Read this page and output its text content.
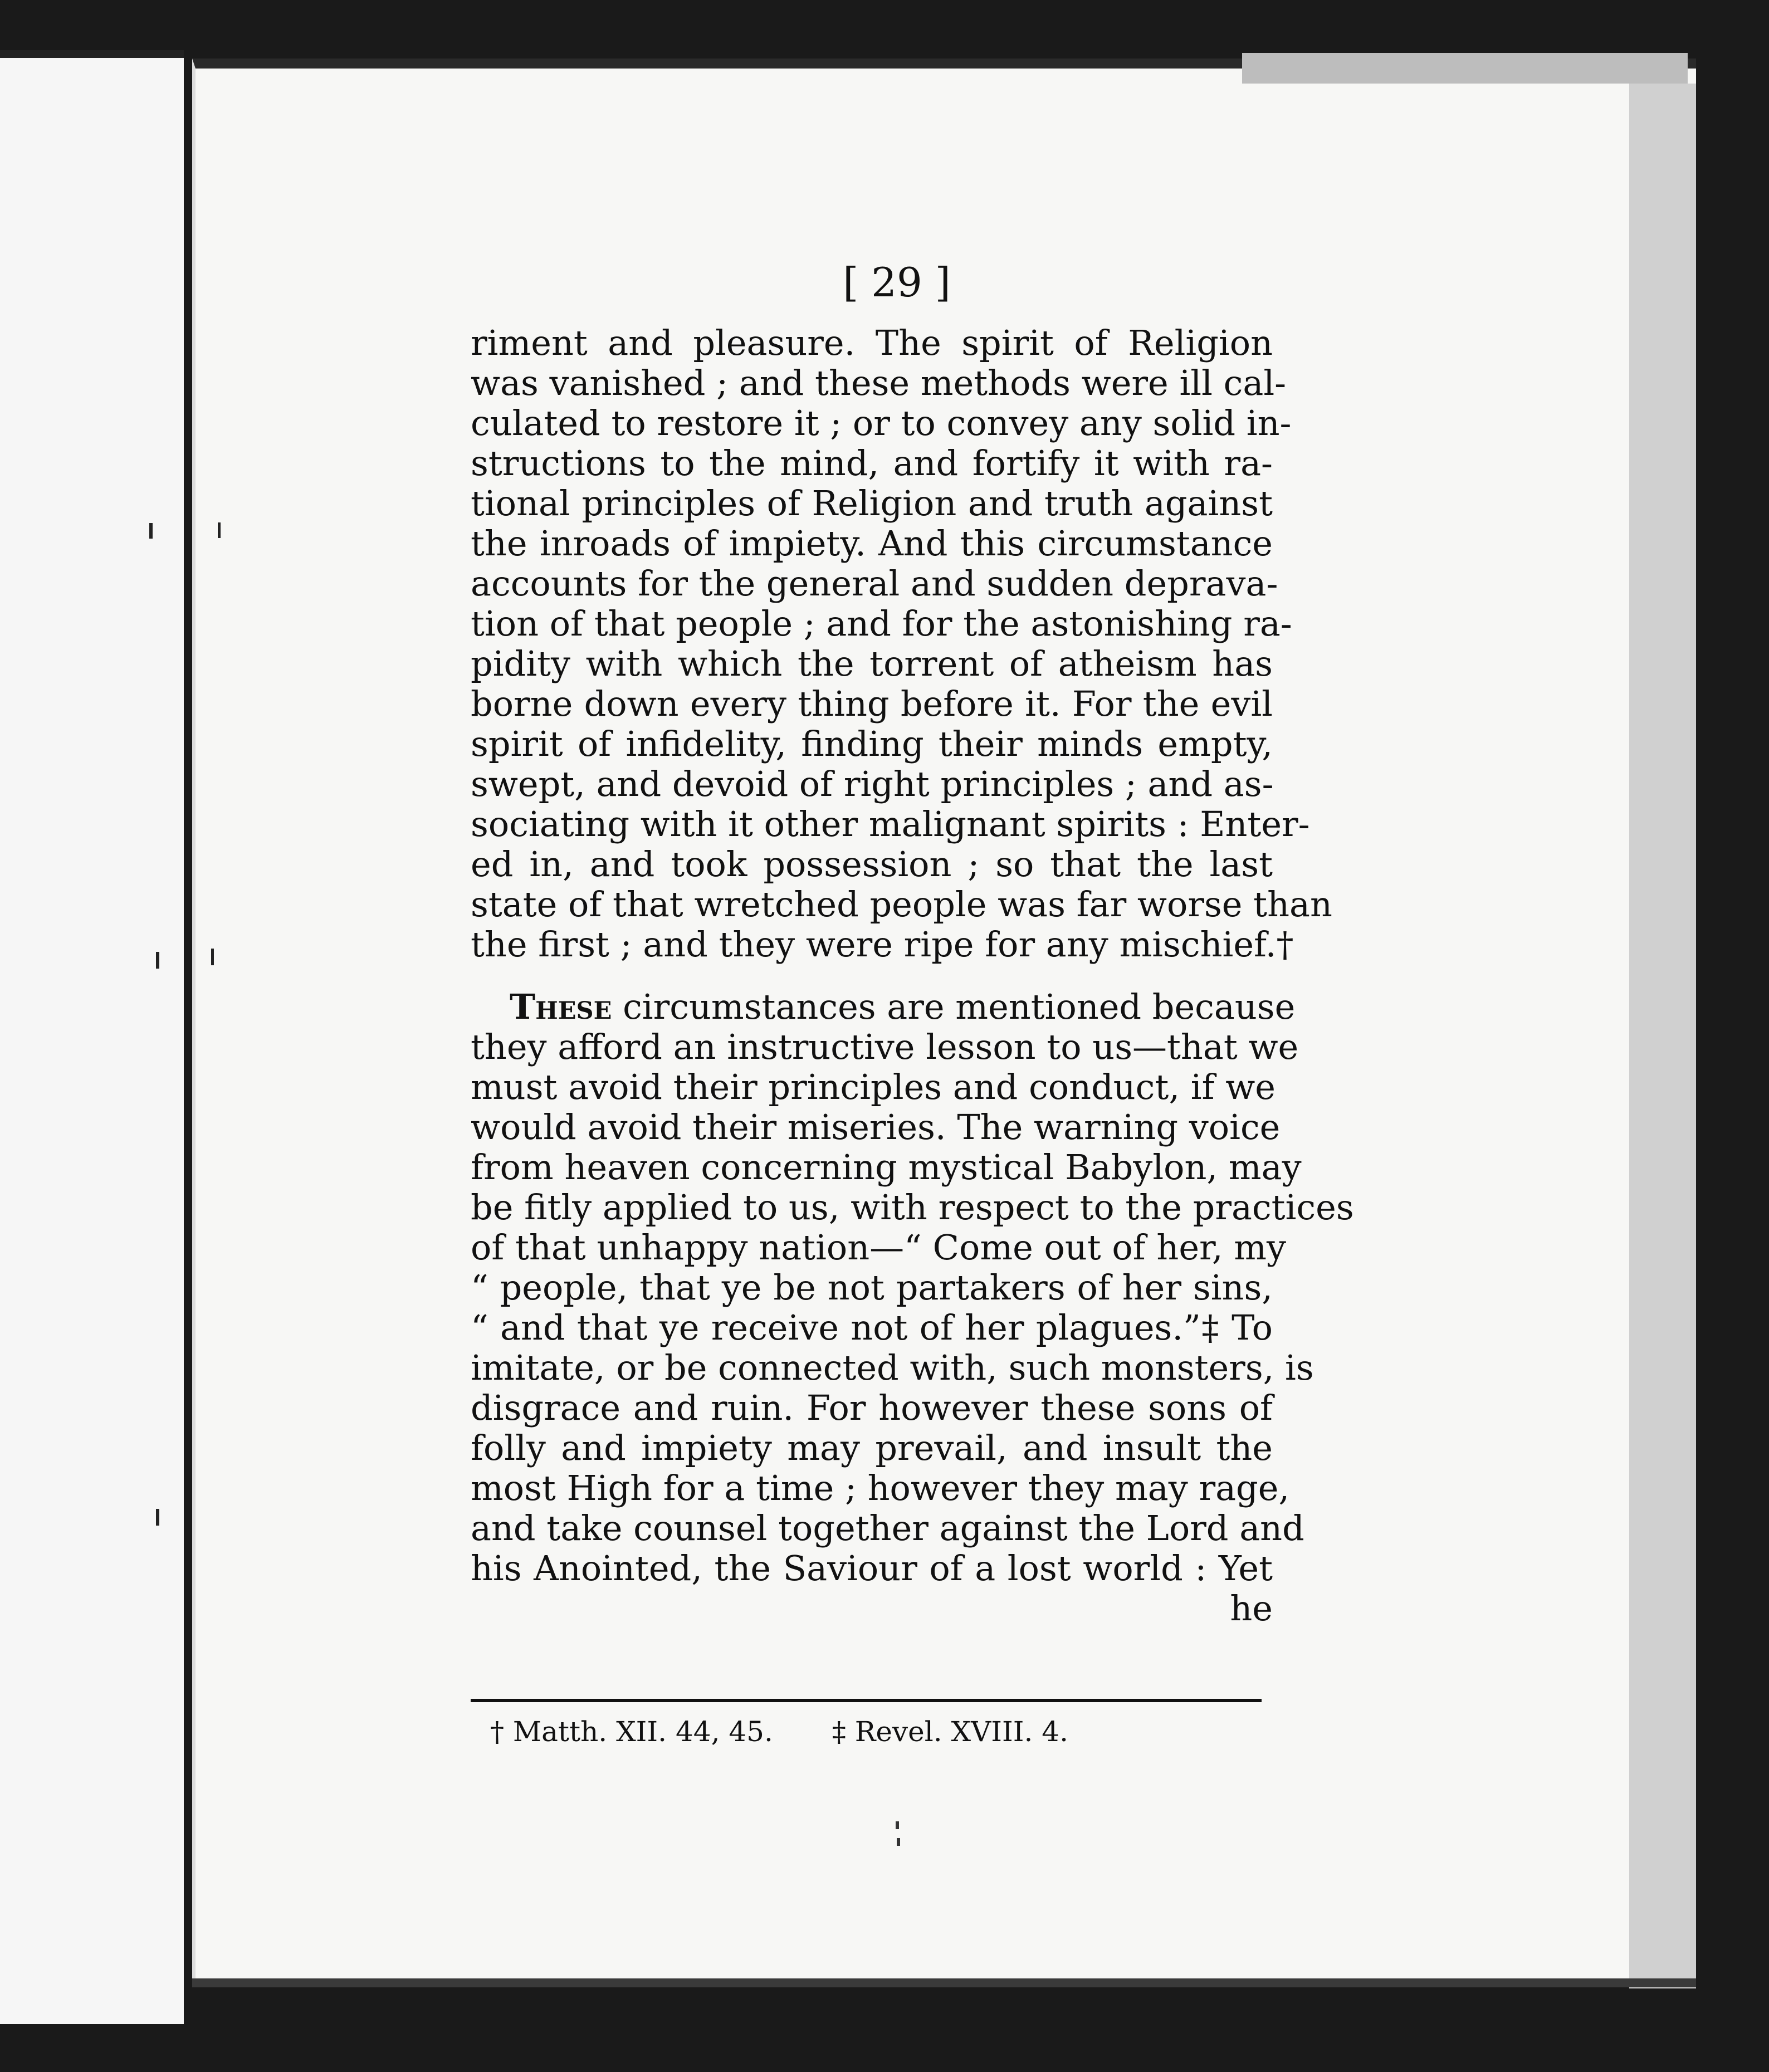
[ 29 ]
riment and pleasure. The spirit of Religion
was vanished ; and these methods were ill cal-
culated to restore it ; or to convey any solid in-
structions to the mind, and fortify it with ra-
tional principles of Religion and truth against
the inroads of impiety. And this circumstance
accounts for the general and sudden deprava-
tion of that people ; and for the astonishing ra-
pidity with which the torrent of atheism has
borne down every thing before it. For the evil
spirit of infidelity, finding their minds empty,
swept, and devoid of right principles ; and as-
sociating with it other malignant spirits : Enter-
ed in, and took possession ; so that the last
state of that wretched people was far worse than
the first ; and they were ripe for any mischief.†
These circumstances are mentioned because
they afford an instructive lesson to us—that we
must avoid their principles and conduct, if we
would avoid their miseries. The warning voice
from heaven concerning mystical Babylon, may
be fitly applied to us, with respect to the practices
of that unhappy nation—“ Come out of her, my
“ people, that ye be not partakers of her sins,
“ and that ye receive not of her plagues.”‡ To
imitate, or be connected with, such monsters, is
disgrace and ruin. For however these sons of
folly and impiety may prevail, and insult the
most High for a time ; however they may rage,
and take counsel together against the Lord and
his Anointed, the Saviour of a lost world : Yet
he
† Matth. XII. 44, 45. ‡ Revel. XVIII. 4.
